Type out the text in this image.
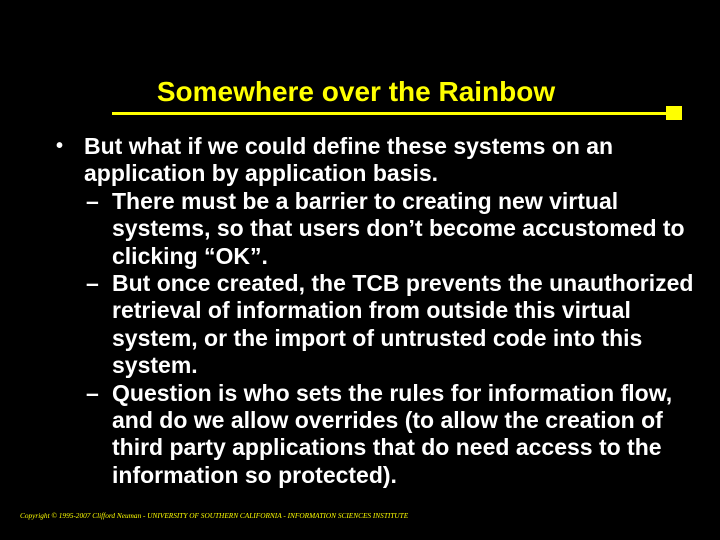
Somewhere over the Rainbow

• But what if we could define these systems on an application by application basis.

– There must be a barrier to creating new virtual systems, so that users don’t become accustomed to clicking “OK”.

– But once created, the TCB prevents the unauthorized retrieval of information from outside this virtual system, or the import of untrusted code into this system.

– Question is who sets the rules for information flow, and do we allow overrides (to allow the creation of third party applications that do need access to the information so protected).

Copyright © 1995-2007 Clifford Neuman - UNIVERSITY OF SOUTHERN CALIFORNIA - INFORMATION SCIENCES INSTITUTE
